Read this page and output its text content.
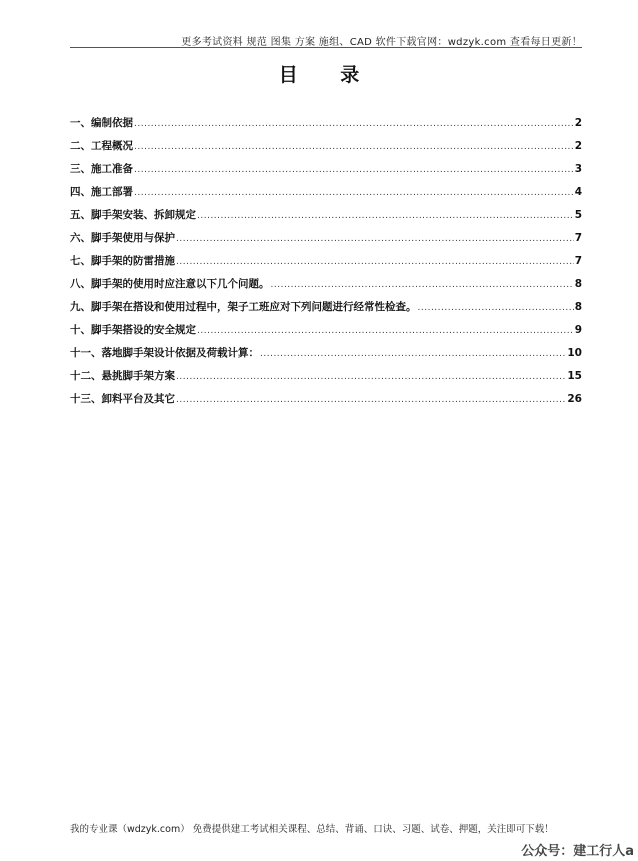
更多考试资料 规范 图集 方案 施组、CAD 软件下载官网：wdzyk.com 查看每日更新！
目 录
一、编制依据 .....	2
二、工程概况 .....	2
三、施工准备 .....	3
四、施工部署 .....	4
五、脚手架安装、拆卸规定 .....	5
六、脚手架使用与保护 .....	7
七、脚手架的防雷措施 .....	7
八、脚手架的使用时应注意以下几个问题。 .....	8
九、脚手架在搭设和使用过程中，架子工班应对下列问题进行经常性检查。 .....	8
十、脚手架搭设的安全规定 .....	9
十一、落地脚手架设计依据及荷载计算： .....	10
十二、悬挑脚手架方案 .....	15
十三、卸料平台及其它 .....	26
我的专业课（wdzyk.com） 免费提供建工考试相关课程、总结、背诵、口诀、习题、试卷、押题，关注即可下载！
公众号：建工行人a
